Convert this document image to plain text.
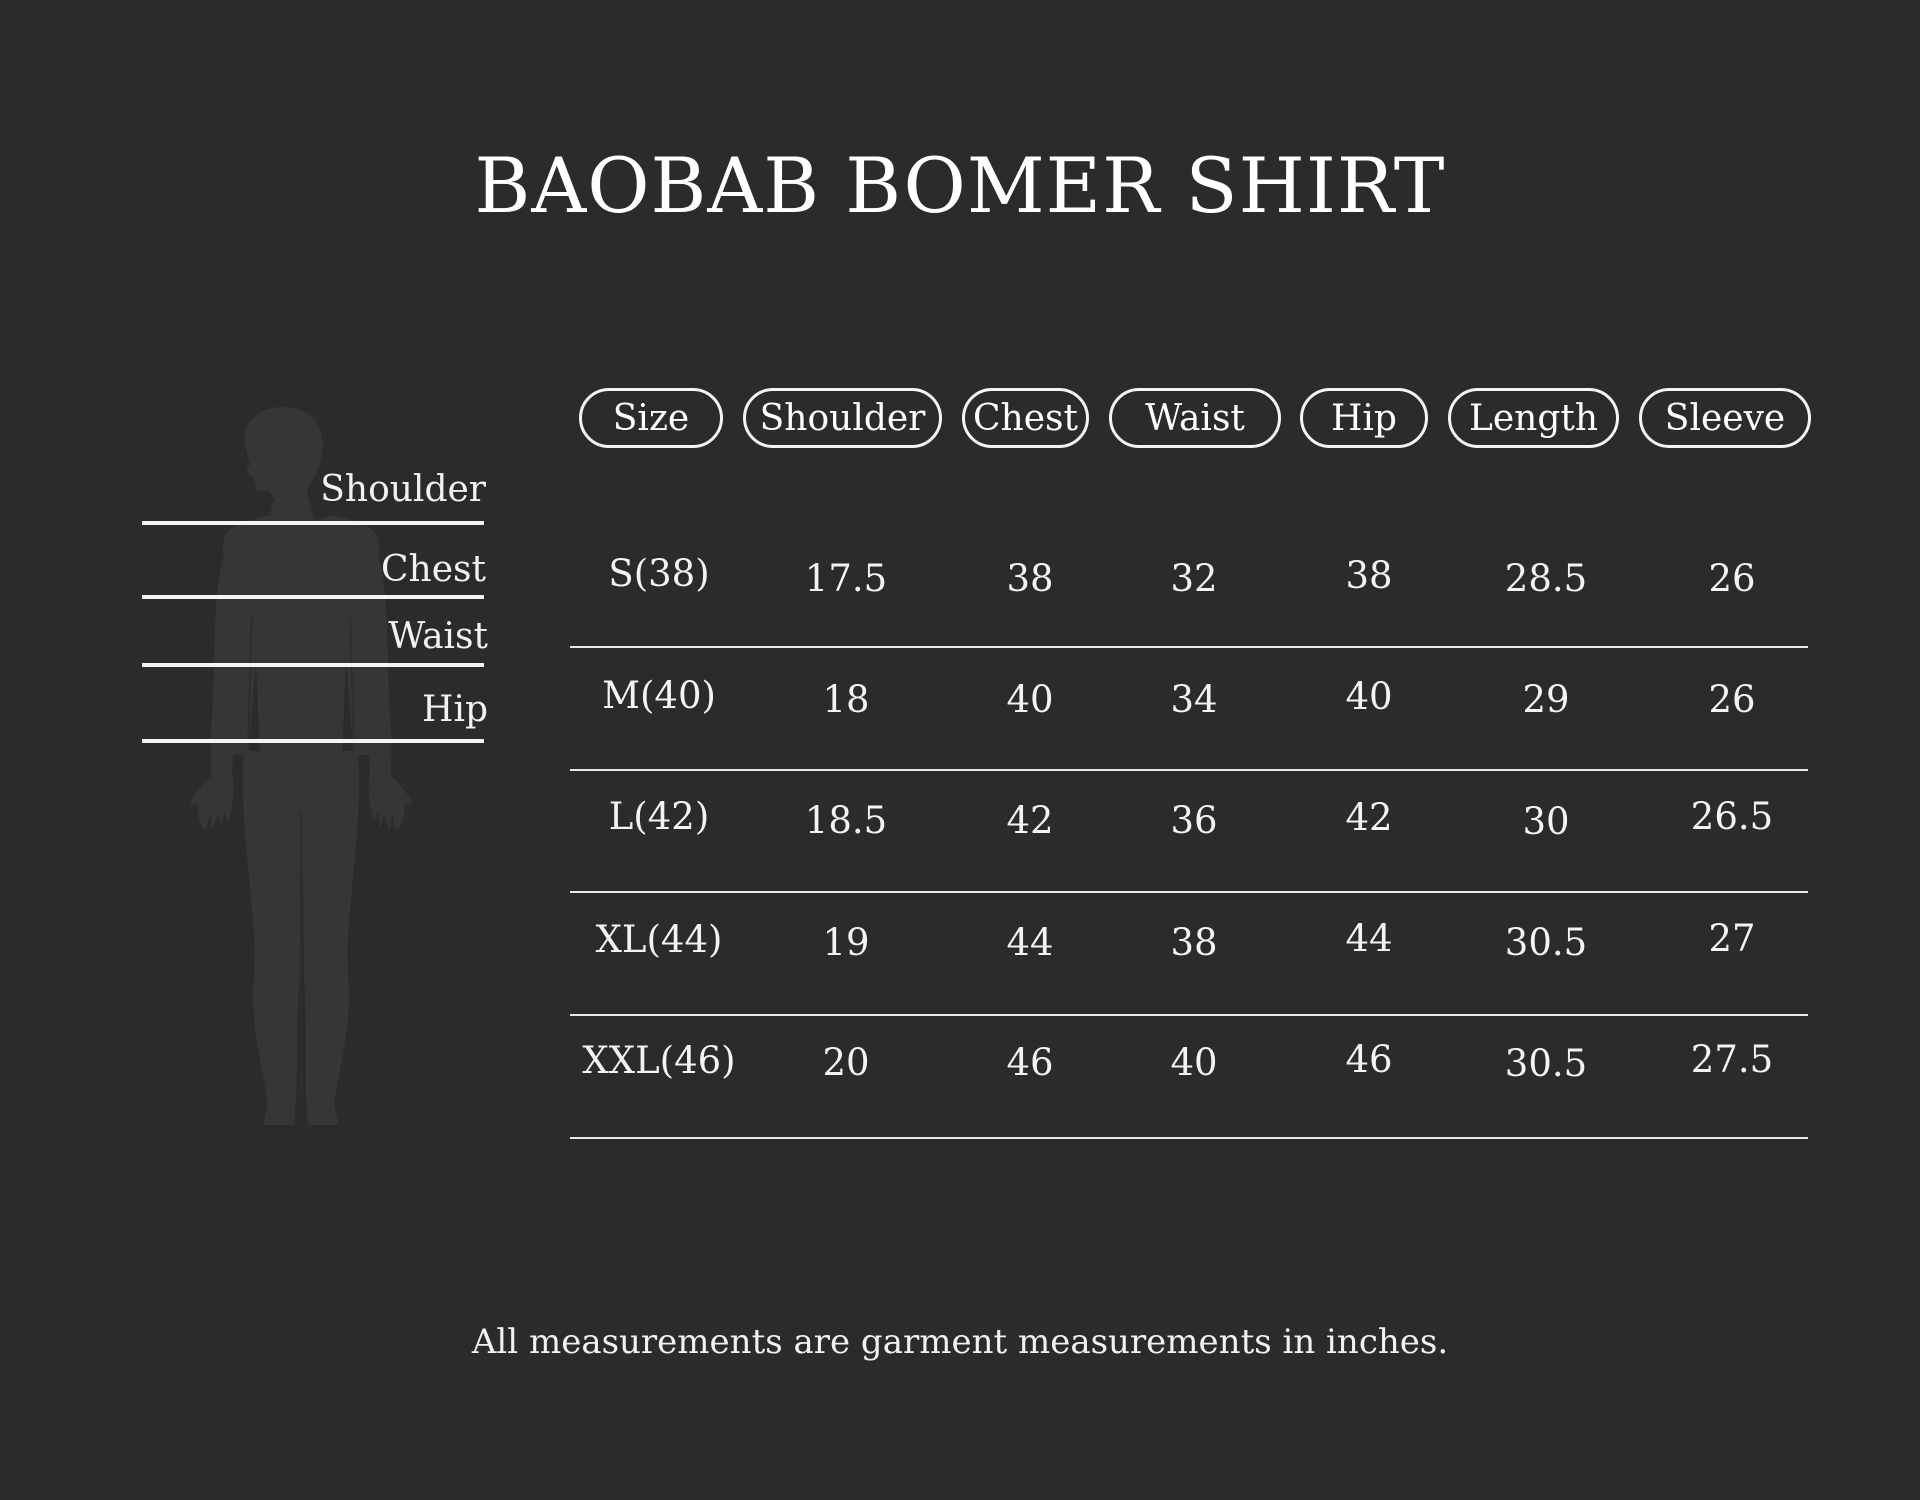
BAOBAB BOMER SHIRT
Shoulder
Chest
Waist
Hip
Size	Shoulder	Chest	Waist	Hip	Length	Sleeve
S(38)	17.5	38	32	38	28.5	26
M(40)	18	40	34	40	29	26
L(42)	18.5	42	36	42	30	26.5
XL(44)	19	44	38	44	30.5	27
XXL(46)	20	46	40	46	30.5	27.5
All measurements are garment measurements in inches.
